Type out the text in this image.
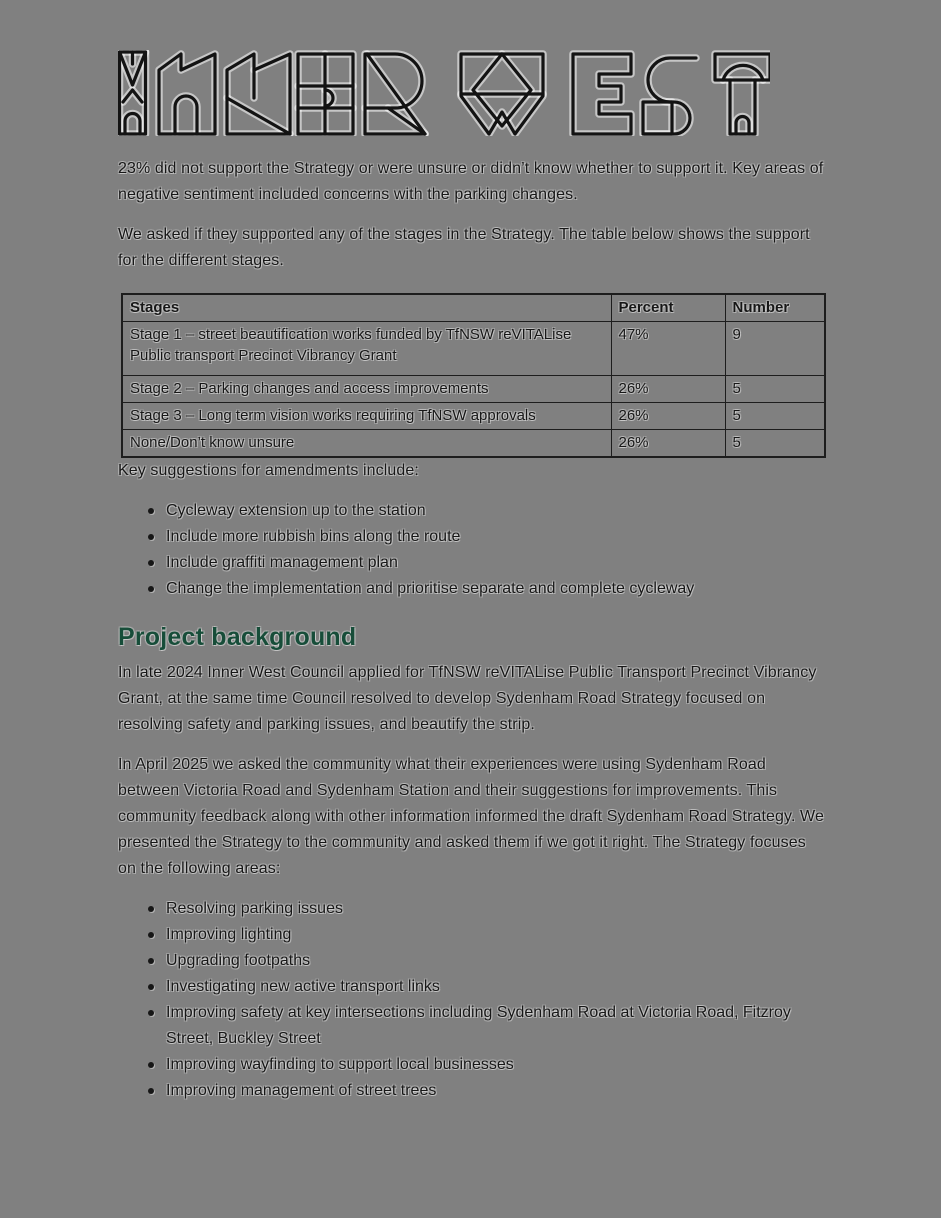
23% did not support the Strategy or were unsure or didn’t know whether to support it. Key areas of negative sentiment included concerns with the parking changes.

We asked if they supported any of the stages in the Strategy. The table below shows the support for the different stages.

Stages	Percent	Number
Stage 1 – street beautification works funded by TfNSW reVITALise Public transport Precinct Vibrancy Grant	47%	9
Stage 2 – Parking changes and access improvements	26%	5
Stage 3 – Long term vision works requiring TfNSW approvals	26%	5
None/Don’t know unsure	26%	5

Key suggestions for amendments include:

Cycleway extension up to the station
Include more rubbish bins along the route
Include graffiti management plan
Change the implementation and prioritise separate and complete cycleway
Project background

In late 2024 Inner West Council applied for TfNSW reVITALise Public Transport Precinct Vibrancy Grant, at the same time Council resolved to develop Sydenham Road Strategy focused on resolving safety and parking issues, and beautify the strip.

In April 2025 we asked the community what their experiences were using Sydenham Road between Victoria Road and Sydenham Station and their suggestions for improvements. This community feedback along with other information informed the draft Sydenham Road Strategy. We presented the Strategy to the community and asked them if we got it right. The Strategy focuses on the following areas:

Resolving parking issues
Improving lighting
Upgrading footpaths
Investigating new active transport links
Improving safety at key intersections including Sydenham Road at Victoria Road, Fitzroy Street, Buckley Street
Improving wayfinding to support local businesses
Improving management of street trees
